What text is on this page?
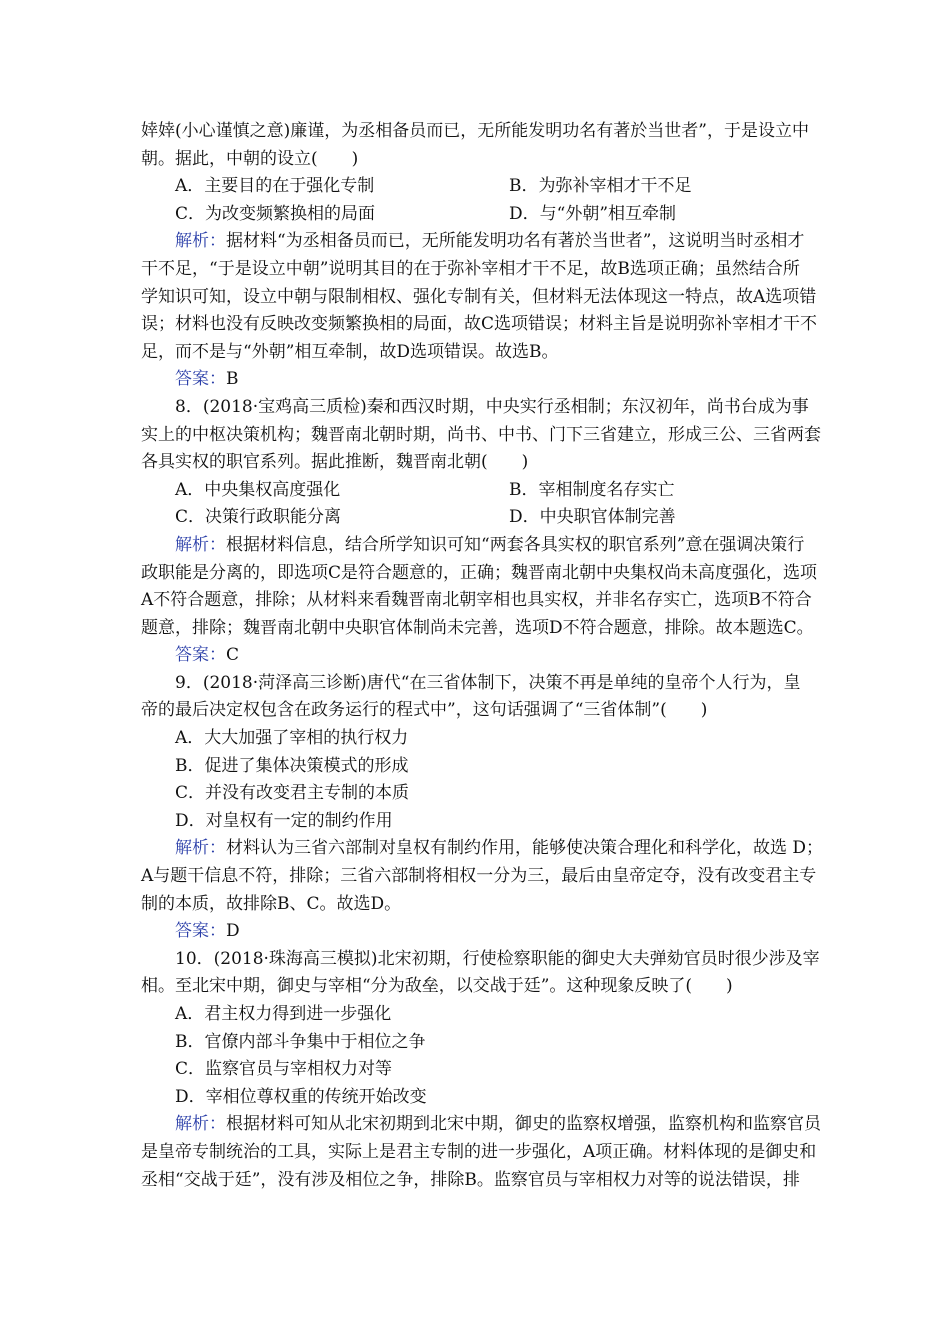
婞婞(小心谨慎之意)廉谨，为丞相备员而已，无所能发明功名有著於当世者”，于是设立中
朝。据此，中朝的设立(　　)
A．主要目的在于强化专制	B．为弥补宰相才干不足
C．为改变频繁换相的局面	D．与“外朝”相互牵制
解析：据材料“为丞相备员而已，无所能发明功名有著於当世者”，这说明当时丞相才
干不足，“于是设立中朝”说明其目的在于弥补宰相才干不足，故B选项正确；虽然结合所
学知识可知，设立中朝与限制相权、强化专制有关，但材料无法体现这一特点，故A选项错
误；材料也没有反映改变频繁换相的局面，故C选项错误；材料主旨是说明弥补宰相才干不
足，而不是与“外朝”相互牵制，故D选项错误。故选B。
答案：B
8．(2018·宝鸡高三质检)秦和西汉时期，中央实行丞相制；东汉初年，尚书台成为事
实上的中枢决策机构；魏晋南北朝时期，尚书、中书、门下三省建立，形成三公、三省两套
各具实权的职官系列。据此推断，魏晋南北朝(　　)
A．中央集权高度强化	B．宰相制度名存实亡
C．决策行政职能分离	D．中央职官体制完善
解析：根据材料信息，结合所学知识可知“两套各具实权的职官系列”意在强调决策行
政职能是分离的，即选项C是符合题意的，正确；魏晋南北朝中央集权尚未高度强化，选项
A不符合题意，排除；从材料来看魏晋南北朝宰相也具实权，并非名存实亡，选项B不符合
题意，排除；魏晋南北朝中央职官体制尚未完善，选项D不符合题意，排除。故本题选C。
答案：C
9．(2018·菏泽高三诊断)唐代“在三省体制下，决策不再是单纯的皇帝个人行为，皇
帝的最后决定权包含在政务运行的程式中”，这句话强调了“三省体制”(　　)
A．大大加强了宰相的执行权力
B．促进了集体决策模式的形成
C．并没有改变君主专制的本质
D．对皇权有一定的制约作用
解析：材料认为三省六部制对皇权有制约作用，能够使决策合理化和科学化，故选 D；
A与题干信息不符，排除；三省六部制将相权一分为三，最后由皇帝定夺，没有改变君主专
制的本质，故排除B、C。故选D。
答案：D
10．(2018·珠海高三模拟)北宋初期，行使检察职能的御史大夫弹劾官员时很少涉及宰
相。至北宋中期，御史与宰相“分为敌垒，以交战于廷”。这种现象反映了(　　)
A．君主权力得到进一步强化
B．官僚内部斗争集中于相位之争
C．监察官员与宰相权力对等
D．宰相位尊权重的传统开始改变
解析：根据材料可知从北宋初期到北宋中期，御史的监察权增强，监察机构和监察官员
是皇帝专制统治的工具，实际上是君主专制的进一步强化，A项正确。材料体现的是御史和
丞相“交战于廷”，没有涉及相位之争，排除B。监察官员与宰相权力对等的说法错误，排
